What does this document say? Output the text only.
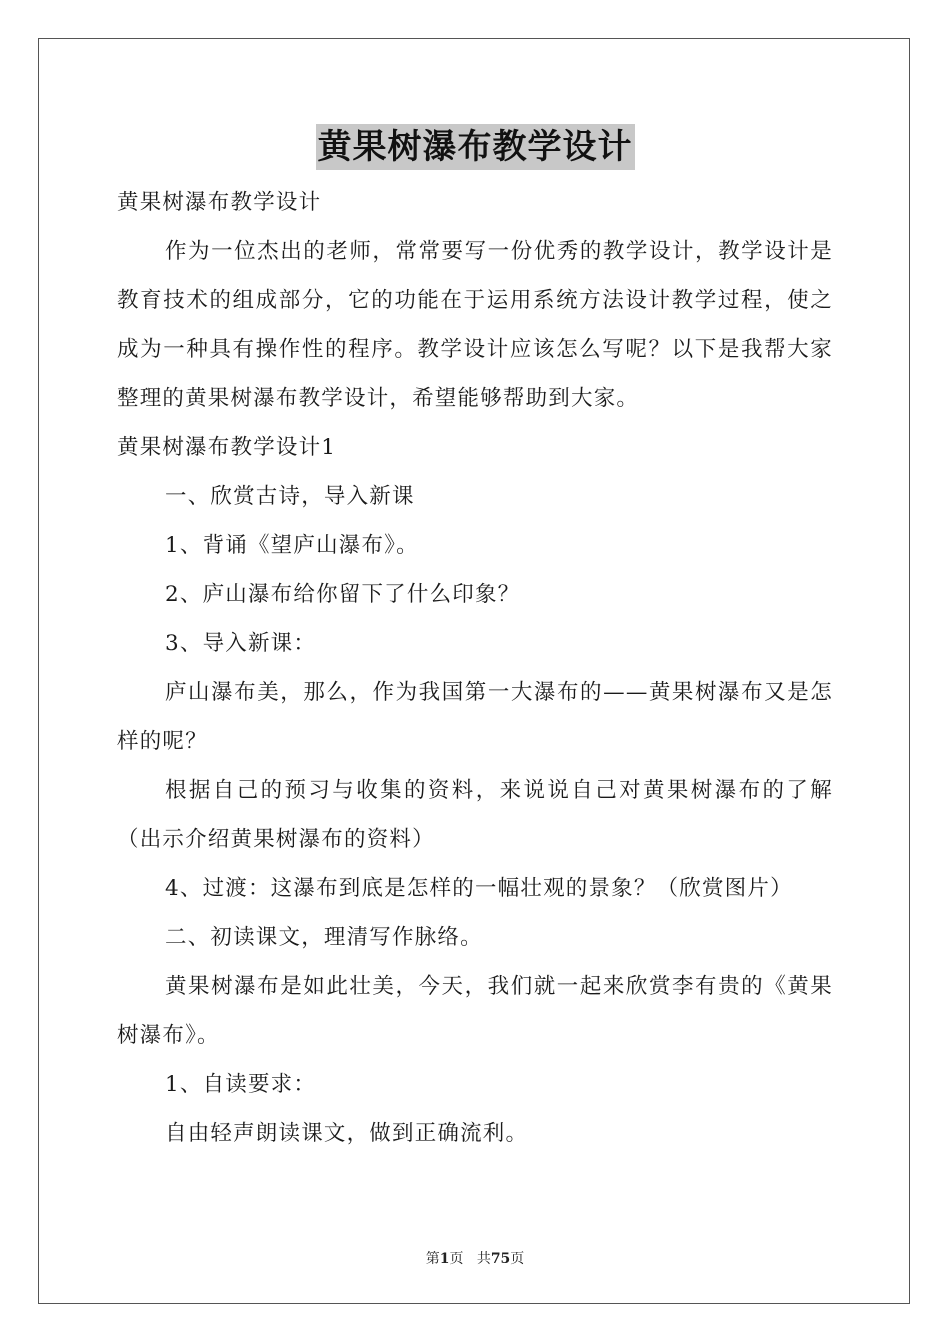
黄果树瀑布教学设计

黄果树瀑布教学设计

作为一位杰出的老师，常常要写一份优秀的教学设计，教学设计是教育技术的组成部分，它的功能在于运用系统方法设计教学过程，使之成为一种具有操作性的程序。教学设计应该怎么写呢？以下是我帮大家整理的黄果树瀑布教学设计，希望能够帮助到大家。

黄果树瀑布教学设计1

一、欣赏古诗，导入新课

1、背诵《望庐山瀑布》。

2、庐山瀑布给你留下了什么印象？

3、导入新课：

庐山瀑布美，那么，作为我国第一大瀑布的——黄果树瀑布又是怎样的呢？

根据自己的预习与收集的资料，来说说自己对黄果树瀑布的了解（出示介绍黄果树瀑布的资料）

4、过渡：这瀑布到底是怎样的一幅壮观的景象？（欣赏图片）

二、初读课文，理清写作脉络。

黄果树瀑布是如此壮美，今天，我们就一起来欣赏李有贵的《黄果树瀑布》。

1、自读要求：

自由轻声朗读课文，做到正确流利。

第1页 共75页
